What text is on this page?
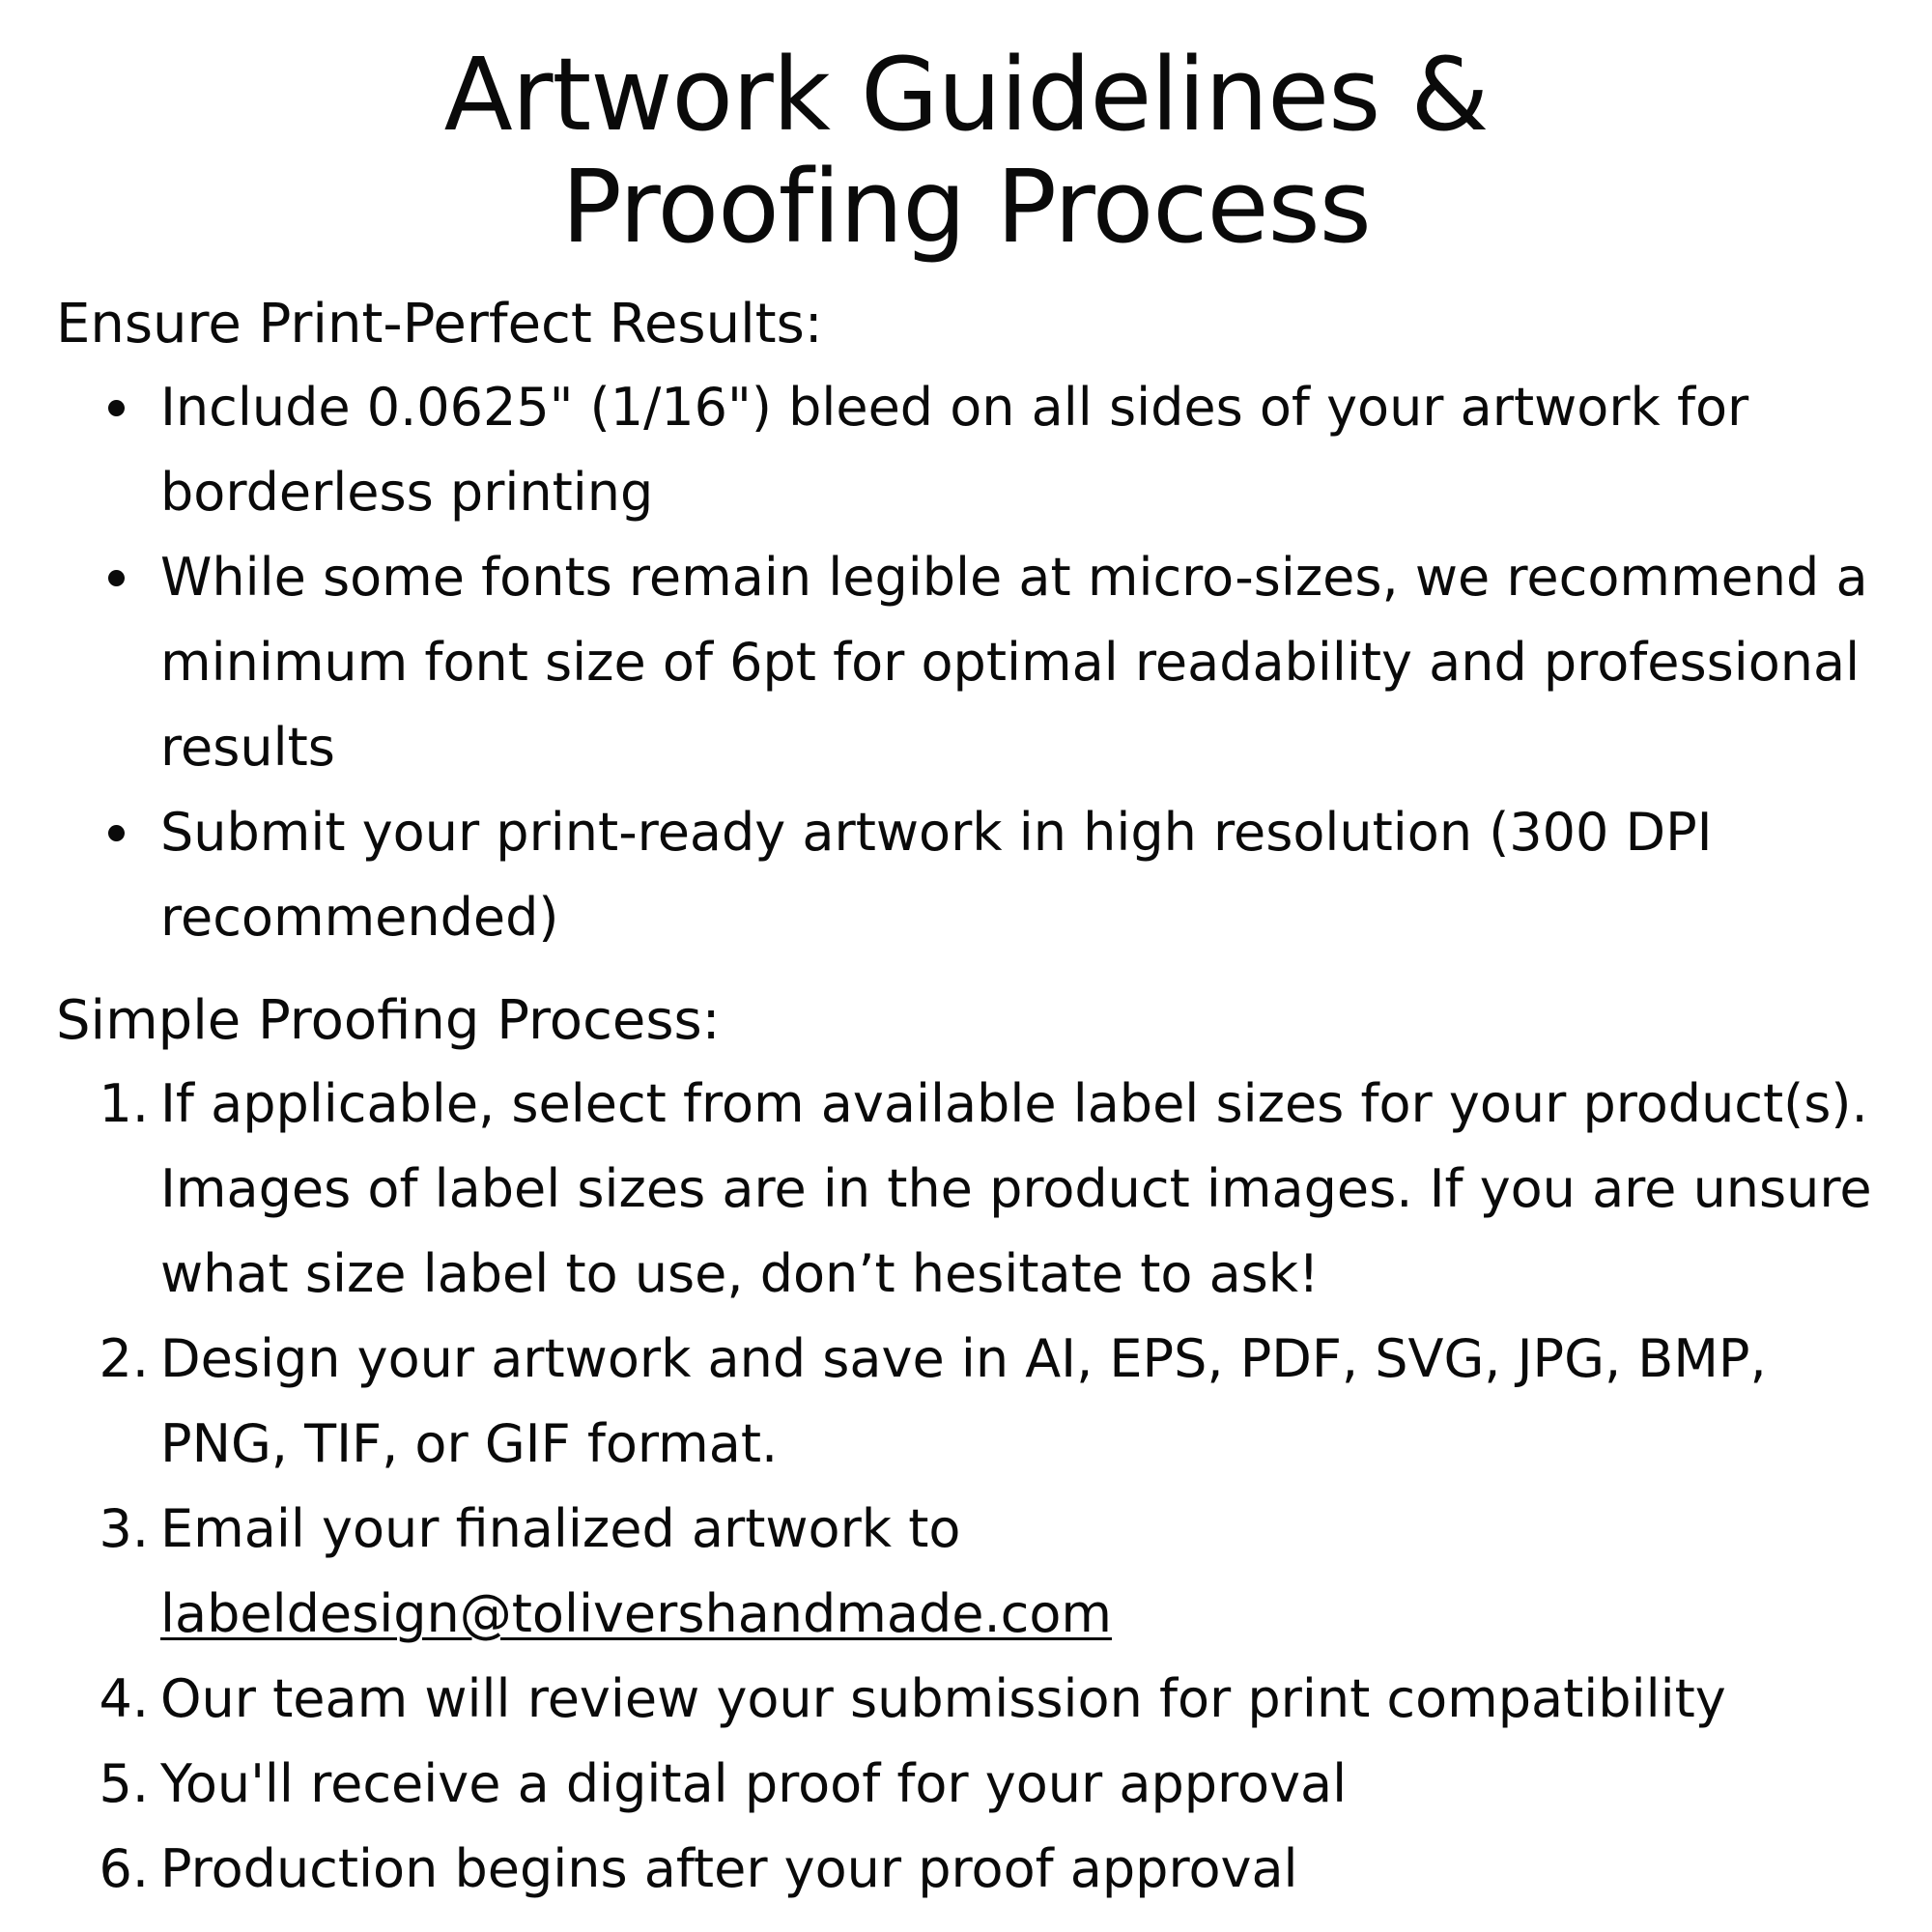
Artwork Guidelines &
Proofing Process
Ensure Print-Perfect Results:
Include 0.0625" (1/16") bleed on all sides of your artwork for borderless printing
While some fonts remain legible at micro-sizes, we recommend a minimum font size of 6pt for optimal readability and professional results
Submit your print-ready artwork in high resolution (300 DPI recommended)
Simple Proofing Process:
1. If applicable, select from available label sizes for your product(s). Images of label sizes are in the product images. If you are unsure what size label to use, don’t hesitate to ask!
2. Design your artwork and save in AI, EPS, PDF, SVG, JPG, BMP, PNG, TIF, or GIF format.
3. Email your finalized artwork to
labeldesign@tolivershandmade.com
4. Our team will review your submission for print compatibility
5. You'll receive a digital proof for your approval
6. Production begins after your proof approval
